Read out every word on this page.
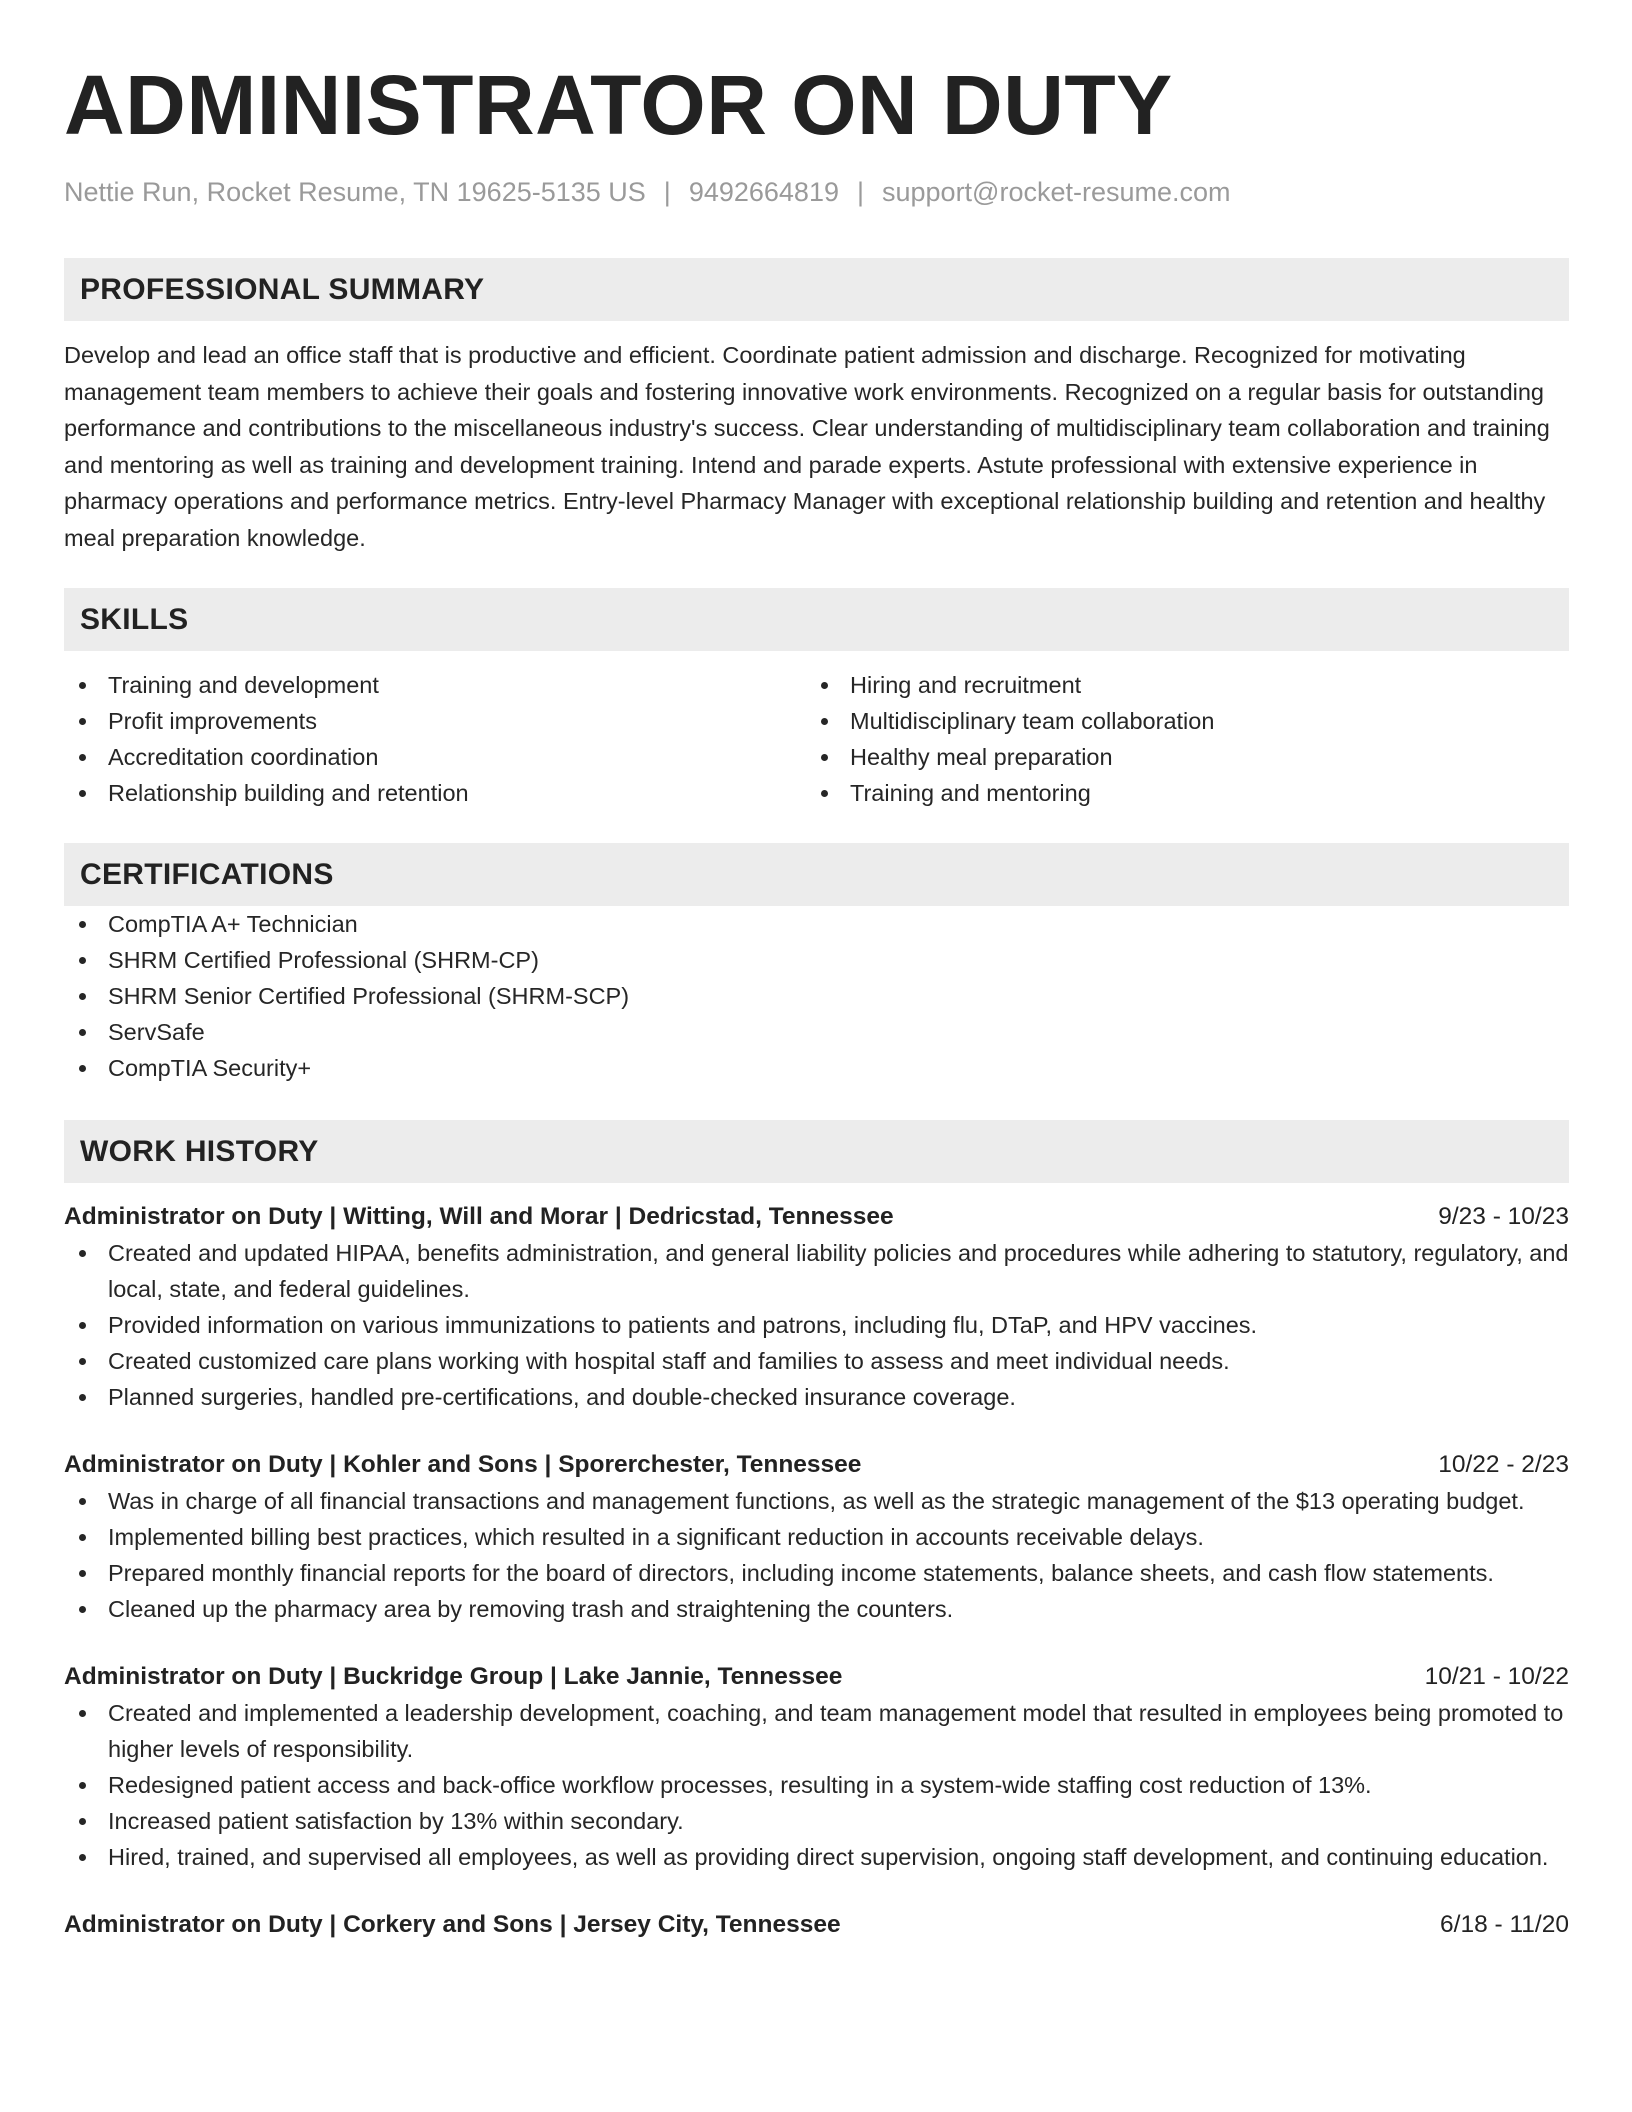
ADMINISTRATOR ON DUTY
Nettie Run, Rocket Resume, TN 19625-5135 US | 9492664819 | support@rocket-resume.com
PROFESSIONAL SUMMARY
Develop and lead an office staff that is productive and efficient. Coordinate patient admission and discharge. Recognized for motivating management team members to achieve their goals and fostering innovative work environments. Recognized on a regular basis for outstanding performance and contributions to the miscellaneous industry's success. Clear understanding of multidisciplinary team collaboration and training and mentoring as well as training and development training. Intend and parade experts. Astute professional with extensive experience in pharmacy operations and performance metrics. Entry-level Pharmacy Manager with exceptional relationship building and retention and healthy meal preparation knowledge.
SKILLS
Training and development
Profit improvements
Accreditation coordination
Relationship building and retention
Hiring and recruitment
Multidisciplinary team collaboration
Healthy meal preparation
Training and mentoring
CERTIFICATIONS
CompTIA A+ Technician
SHRM Certified Professional (SHRM-CP)
SHRM Senior Certified Professional (SHRM-SCP)
ServSafe
CompTIA Security+
WORK HISTORY
Administrator on Duty | Witting, Will and Morar | Dedricstad, Tennessee	9/23 - 10/23
Created and updated HIPAA, benefits administration, and general liability policies and procedures while adhering to statutory, regulatory, and local, state, and federal guidelines.
Provided information on various immunizations to patients and patrons, including flu, DTaP, and HPV vaccines.
Created customized care plans working with hospital staff and families to assess and meet individual needs.
Planned surgeries, handled pre-certifications, and double-checked insurance coverage.
Administrator on Duty | Kohler and Sons | Sporerchester, Tennessee	10/22 - 2/23
Was in charge of all financial transactions and management functions, as well as the strategic management of the $13 operating budget.
Implemented billing best practices, which resulted in a significant reduction in accounts receivable delays.
Prepared monthly financial reports for the board of directors, including income statements, balance sheets, and cash flow statements.
Cleaned up the pharmacy area by removing trash and straightening the counters.
Administrator on Duty | Buckridge Group | Lake Jannie, Tennessee	10/21 - 10/22
Created and implemented a leadership development, coaching, and team management model that resulted in employees being promoted to higher levels of responsibility.
Redesigned patient access and back-office workflow processes, resulting in a system-wide staffing cost reduction of 13%.
Increased patient satisfaction by 13% within secondary.
Hired, trained, and supervised all employees, as well as providing direct supervision, ongoing staff development, and continuing education.
Administrator on Duty | Corkery and Sons | Jersey City, Tennessee	6/18 - 11/20
